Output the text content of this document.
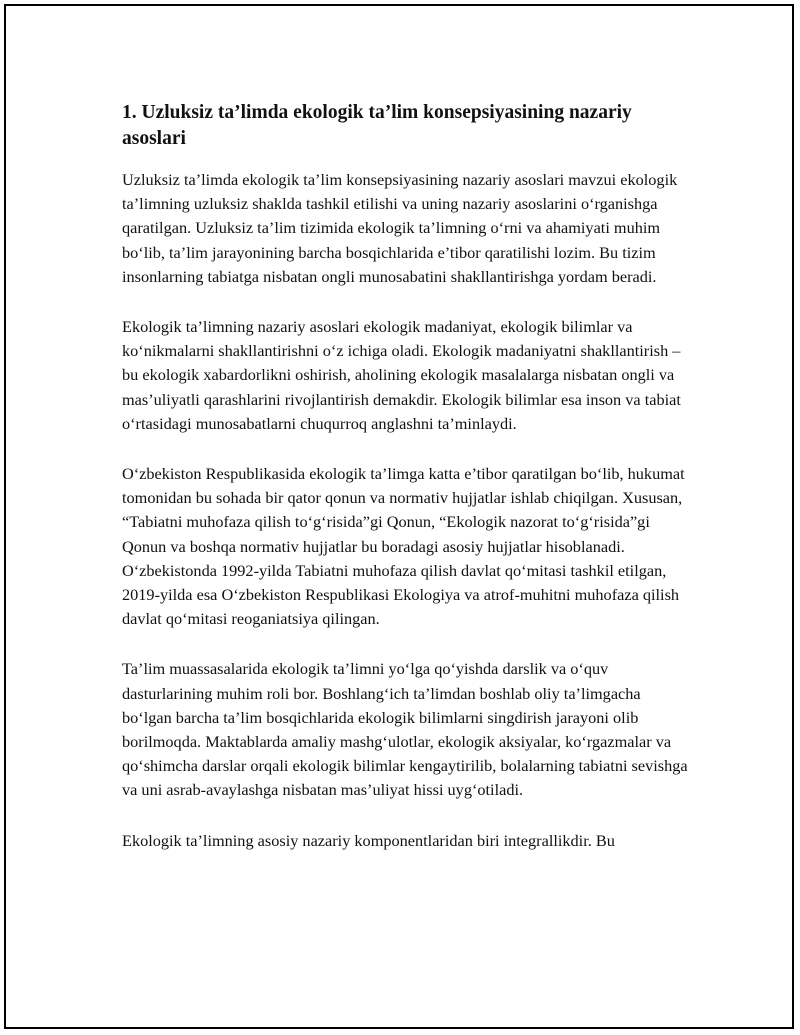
1. Uzluksiz ta’limda ekologik ta’lim konsepsiyasining nazariy asoslari

Uzluksiz ta’limda ekologik ta’lim konsepsiyasining nazariy asoslari mavzui ekologik ta’limning uzluksiz shaklda tashkil etilishi va uning nazariy asoslarini o‘rganishga qaratilgan. Uzluksiz ta’lim tizimida ekologik ta’limning o‘rni va ahamiyati muhim bo‘lib, ta’lim jarayonining barcha bosqichlarida e’tibor qaratilishi lozim. Bu tizim insonlarning tabiatga nisbatan ongli munosabatini shakllantirishga yordam beradi.

Ekologik ta’limning nazariy asoslari ekologik madaniyat, ekologik bilimlar va ko‘nikmalarni shakllantirishni o‘z ichiga oladi. Ekologik madaniyatni shakllantirish – bu ekologik xabardorlikni oshirish, aholining ekologik masalalarga nisbatan ongli va mas’uliyatli qarashlarini rivojlantirish demakdir. Ekologik bilimlar esa inson va tabiat o‘rtasidagi munosabatlarni chuqurroq anglashni ta’minlaydi.

O‘zbekiston Respublikasida ekologik ta’limga katta e’tibor qaratilgan bo‘lib, hukumat tomonidan bu sohada bir qator qonun va normativ hujjatlar ishlab chiqilgan. Xususan, “Tabiatni muhofaza qilish to‘g‘risida”gi Qonun, “Ekologik nazorat to‘g‘risida”gi Qonun va boshqa normativ hujjatlar bu boradagi asosiy hujjatlar hisoblanadi. O‘zbekistonda 1992-yilda Tabiatni muhofaza qilish davlat qo‘mitasi tashkil etilgan, 2019-yilda esa O‘zbekiston Respublikasi Ekologiya va atrof-muhitni muhofaza qilish davlat qo‘mitasi reoganiatsiya qilingan.

Ta’lim muassasalarida ekologik ta’limni yo‘lga qo‘yishda darslik va o‘quv dasturlarining muhim roli bor. Boshlang‘ich ta’limdan boshlab oliy ta’limgacha bo‘lgan barcha ta’lim bosqichlarida ekologik bilimlarni singdirish jarayoni olib borilmoqda. Maktablarda amaliy mashg‘ulotlar, ekologik aksiyalar, ko‘rgazmalar va qo‘shimcha darslar orqali ekologik bilimlar kengaytirilib, bolalarning tabiatni sevishga va uni asrab-avaylashga nisbatan mas’uliyat hissi uyg‘otiladi.

Ekologik ta’limning asosiy nazariy komponentlaridan biri integrallikdir. Bu
